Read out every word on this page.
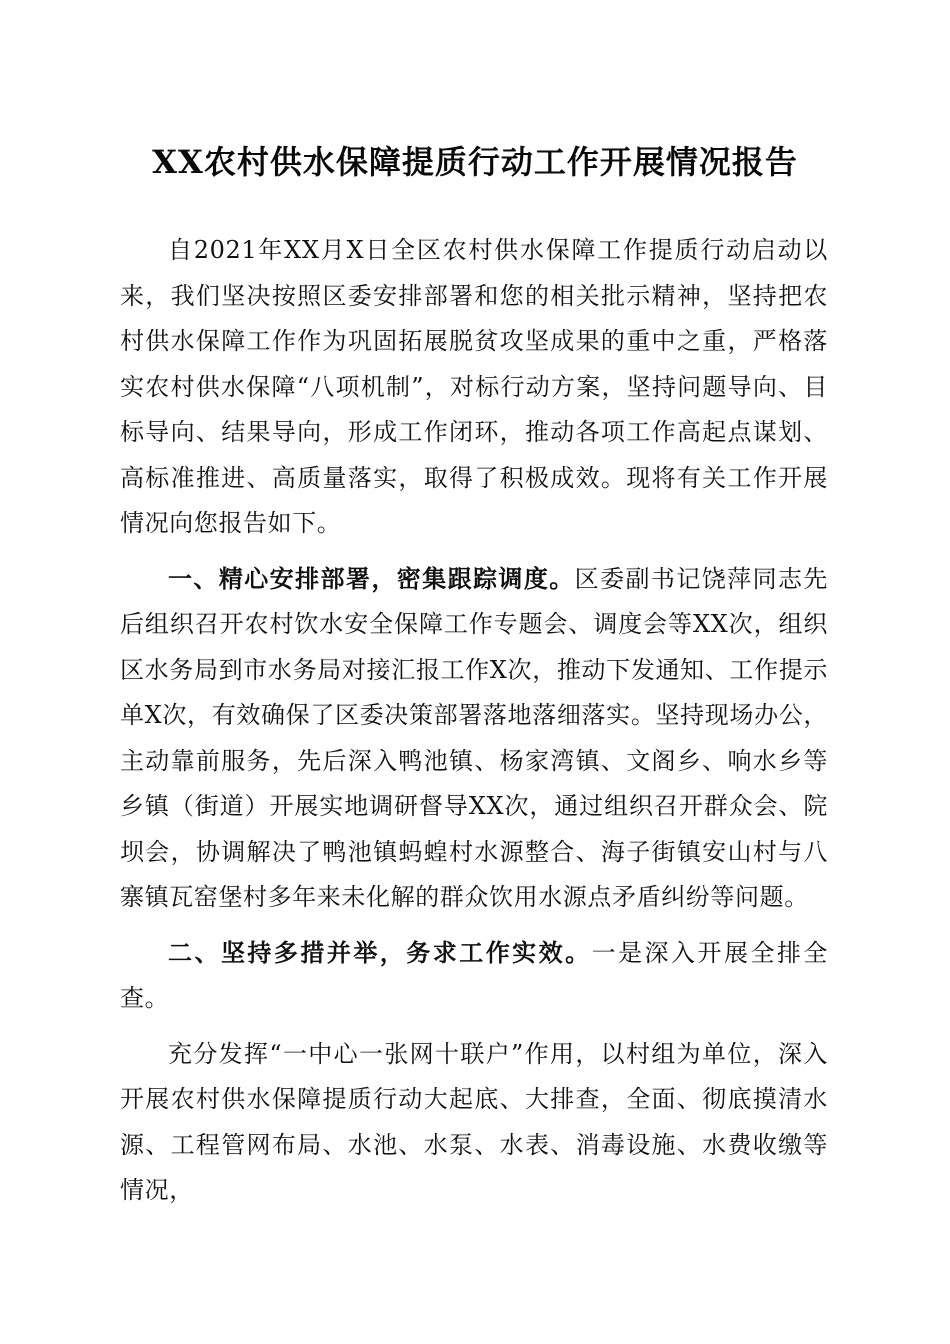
XX农村供水保障提质行动工作开展情况报告

自2021年XX月X日全区农村供水保障工作提质行动启动以来，我们坚决按照区委安排部署和您的相关批示精神，坚持把农村供水保障工作作为巩固拓展脱贫攻坚成果的重中之重，严格落实农村供水保障“八项机制”，对标行动方案，坚持问题导向、目标导向、结果导向，形成工作闭环，推动各项工作高起点谋划、高标准推进、高质量落实，取得了积极成效。现将有关工作开展情况向您报告如下。

一、精心安排部署，密集跟踪调度。区委副书记饶萍同志先后组织召开农村饮水安全保障工作专题会、调度会等XX次，组织区水务局到市水务局对接汇报工作X次，推动下发通知、工作提示单X次，有效确保了区委决策部署落地落细落实。坚持现场办公，主动靠前服务，先后深入鸭池镇、杨家湾镇、文阁乡、响水乡等乡镇（街道）开展实地调研督导XX次，通过组织召开群众会、院坝会，协调解决了鸭池镇蚂蝗村水源整合、海子街镇安山村与八寨镇瓦窑堡村多年来未化解的群众饮用水源点矛盾纠纷等问题。

二、坚持多措并举，务求工作实效。一是深入开展全排全查。

充分发挥“一中心一张网十联户”作用，以村组为单位，深入开展农村供水保障提质行动大起底、大排查，全面、彻底摸清水源、工程管网布局、水池、水泵、水表、消毒设施、水费收缴等情况，
